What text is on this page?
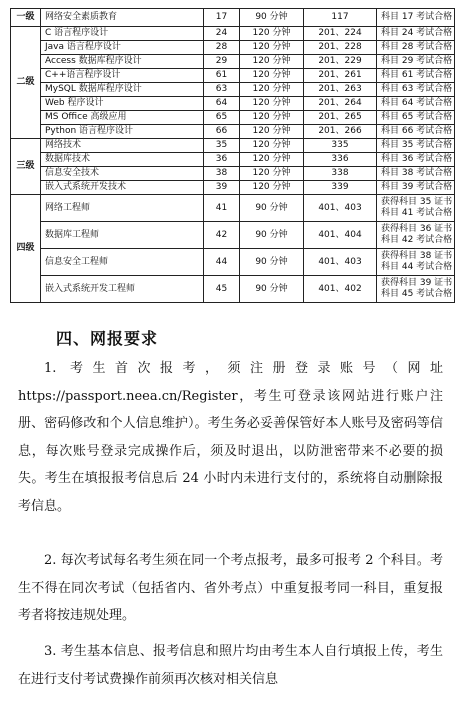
一级	网络安全素质教育	17	90 分钟	117	科目 17 考试合格

二级	C 语言程序设计	24	120 分钟	201、224	科目 24 考试合格

	Java 语言程序设计	28	120 分钟	201、228	科目 28 考试合格

	Access 数据库程序设计	29	120 分钟	201、229	科目 29 考试合格

	C++语言程序设计	61	120 分钟	201、261	科目 61 考试合格

	MySQL 数据库程序设计	63	120 分钟	201、263	科目 63 考试合格

	Web 程序设计	64	120 分钟	201、264	科目 64 考试合格

	MS Office 高级应用	65	120 分钟	201、265	科目 65 考试合格

	Python 语言程序设计	66	120 分钟	201、266	科目 66 考试合格

三级	网络技术	35	120 分钟	335	科目 35 考试合格

	数据库技术	36	120 分钟	336	科目 36 考试合格

	信息安全技术	38	120 分钟	338	科目 38 考试合格

	嵌入式系统开发技术	39	120 分钟	339	科目 39 考试合格

四级	网络工程师	41	90 分钟	401、403	获得科目 35 证书
科目 41 考试合格

	数据库工程师	42	90 分钟	401、404	获得科目 36 证书
科目 42 考试合格

	信息安全工程师	44	90 分钟	401、403	获得科目 38 证书
科目 44 考试合格

	嵌入式系统开发工程师	45	90 分钟	401、402	获得科目 39 证书
科目 45 考试合格
四、网报要求

1. 考生首次报考，须注册登录账号（网址https://passport.neea.cn/Register，考生可登录该网站进行账户注册、密码修改和个人信息维护）。考生务必妥善保管好本人账号及密码等信息，每次账号登录完成操作后，须及时退出，以防泄密带来不必要的损失。考生在填报报考信息后 24 小时内未进行支付的，系统将自动删除报考信息。

2. 每次考试每名考生须在同一个考点报考，最多可报考 2 个科目。考生不得在同次考试（包括省内、省外考点）中重复报考同一科目，重复报考者将按违规处理。

3. 考生基本信息、报考信息和照片均由考生本人自行填报上传，考生在进行支付考试费操作前须再次核对相关信息
